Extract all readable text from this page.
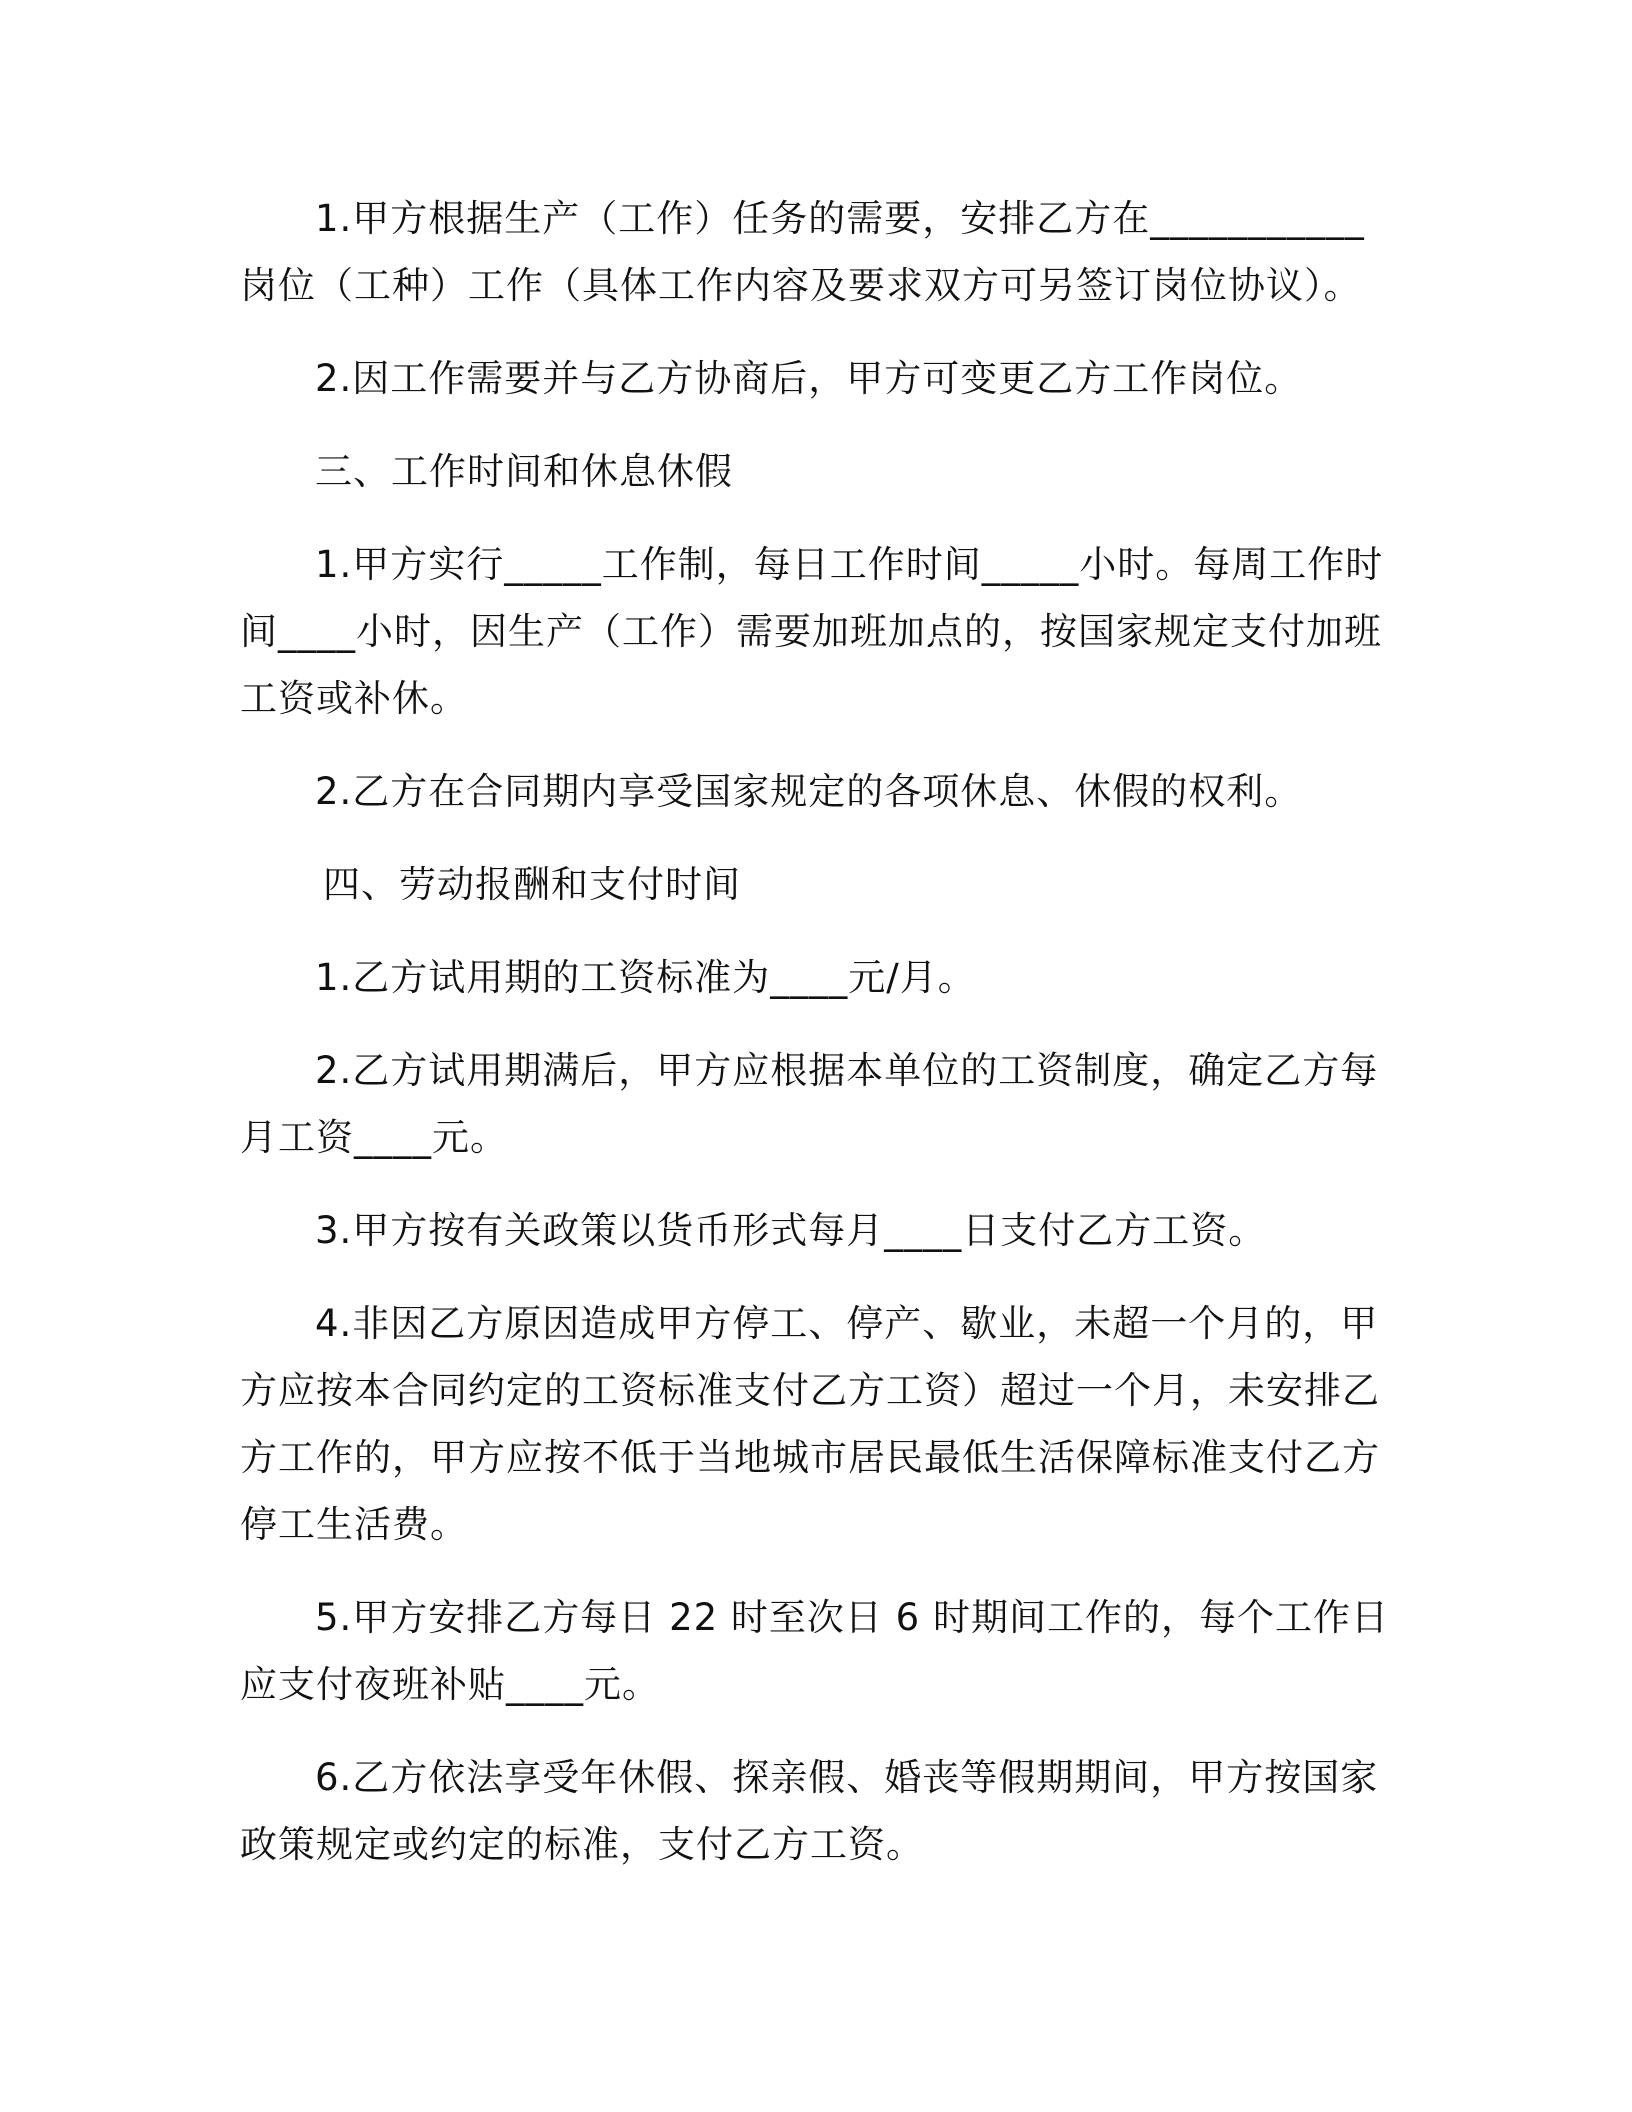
1.甲方根据生产（工作）任务的需要，安排乙方在___________岗位（工种）工作（具体工作内容及要求双方可另签订岗位协议）。

2.因工作需要并与乙方协商后，甲方可变更乙方工作岗位。

三、工作时间和休息休假

1.甲方实行_____工作制，每日工作时间_____小时。每周工作时间____小时，因生产（工作）需要加班加点的，按国家规定支付加班工资或补休。

2.乙方在合同期内享受国家规定的各项休息、休假的权利。

四、劳动报酬和支付时间

1.乙方试用期的工资标准为____元/月。

2.乙方试用期满后，甲方应根据本单位的工资制度，确定乙方每月工资____元。

3.甲方按有关政策以货币形式每月____日支付乙方工资。

4.非因乙方原因造成甲方停工、停产、歇业，未超一个月的，甲方应按本合同约定的工资标准支付乙方工资）超过一个月，未安排乙方工作的，甲方应按不低于当地城市居民最低生活保障标准支付乙方停工生活费。

5.甲方安排乙方每日 22 时至次日 6 时期间工作的，每个工作日应支付夜班补贴____元。

6.乙方依法享受年休假、探亲假、婚丧等假期期间，甲方按国家政策规定或约定的标准，支付乙方工资。
